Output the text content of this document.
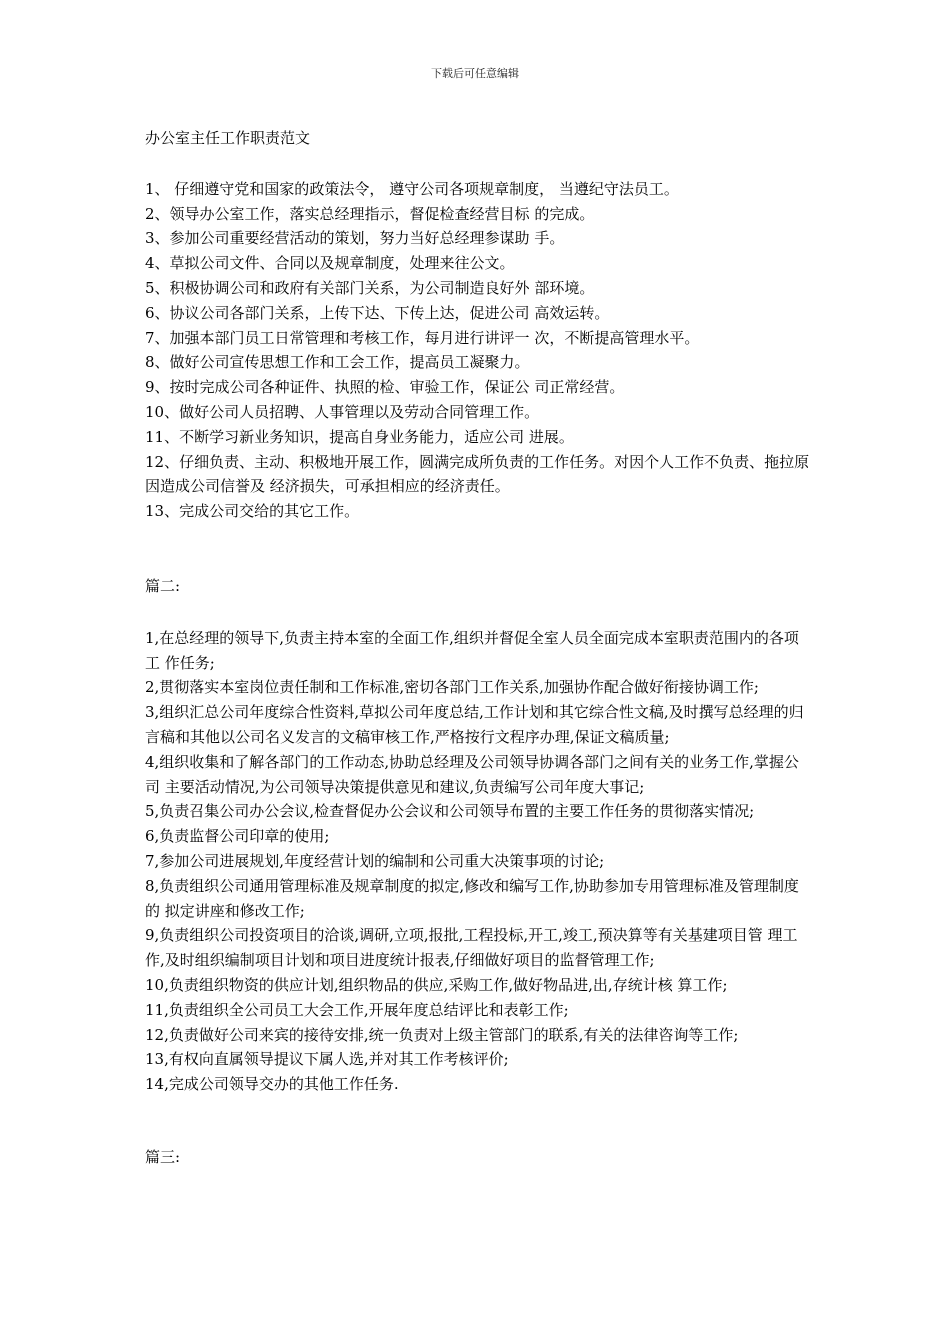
下载后可任意编辑
办公室主任工作职责范文
1、 仔细遵守党和国家的政策法令， 遵守公司各项规章制度， 当遵纪守法员工。
2、领导办公室工作，落实总经理指示，督促检查经营目标 的完成。
3、参加公司重要经营活动的策划，努力当好总经理参谋助 手。
4、草拟公司文件、合同以及规章制度，处理来往公文。
5、积极协调公司和政府有关部门关系，为公司制造良好外 部环境。
6、协议公司各部门关系，上传下达、下传上达，促进公司 高效运转。
7、加强本部门员工日常管理和考核工作，每月进行讲评一 次，不断提高管理水平。
8、做好公司宣传思想工作和工会工作，提高员工凝聚力。
9、按时完成公司各种证件、执照的检、审验工作，保证公 司正常经营。
10、做好公司人员招聘、人事管理以及劳动合同管理工作。
11、不断学习新业务知识，提高自身业务能力，适应公司 进展。
12、仔细负责、主动、积极地开展工作，圆满完成所负责的工作任务。对因个人工作不负责、拖拉原因造成公司信誉及 经济损失，可承担相应的经济责任。
13、完成公司交给的其它工作。
篇二:
1,在总经理的领导下,负责主持本室的全面工作,组织并督促全室人员全面完成本室职责范围内的各项工 作任务;
2,贯彻落实本室岗位责任制和工作标准,密切各部门工作关系,加强协作配合做好衔接协调工作;
3,组织汇总公司年度综合性资料,草拟公司年度总结,工作计划和其它综合性文稿,及时撰写总经理的归 言稿和其他以公司名义发言的文稿审核工作,严格按行文程序办理,保证文稿质量;
4,组织收集和了解各部门的工作动态,协助总经理及公司领导协调各部门之间有关的业务工作,掌握公司 主要活动情况,为公司领导决策提供意见和建议,负责编写公司年度大事记;
5,负责召集公司办公会议,检查督促办公会议和公司领导布置的主要工作任务的贯彻落实情况;
6,负责监督公司印章的使用;
7,参加公司进展规划,年度经营计划的编制和公司重大决策事项的讨论;
8,负责组织公司通用管理标准及规章制度的拟定,修改和编写工作,协助参加专用管理标准及管理制度的 拟定讲座和修改工作;
9,负责组织公司投资项目的洽谈,调研,立项,报批,工程投标,开工,竣工,预决算等有关基建项目管 理工作,及时组织编制项目计划和项目进度统计报表,仔细做好项目的监督管理工作;
10,负责组织物资的供应计划,组织物品的供应,采购工作,做好物品进,出,存统计核 算工作;
11,负责组织全公司员工大会工作,开展年度总结评比和表彰工作;
12,负责做好公司来宾的接待安排,统一负责对上级主管部门的联系,有关的法律咨询等工作;
13,有权向直属领导提议下属人选,并对其工作考核评价;
14,完成公司领导交办的其他工作任务.
篇三:
